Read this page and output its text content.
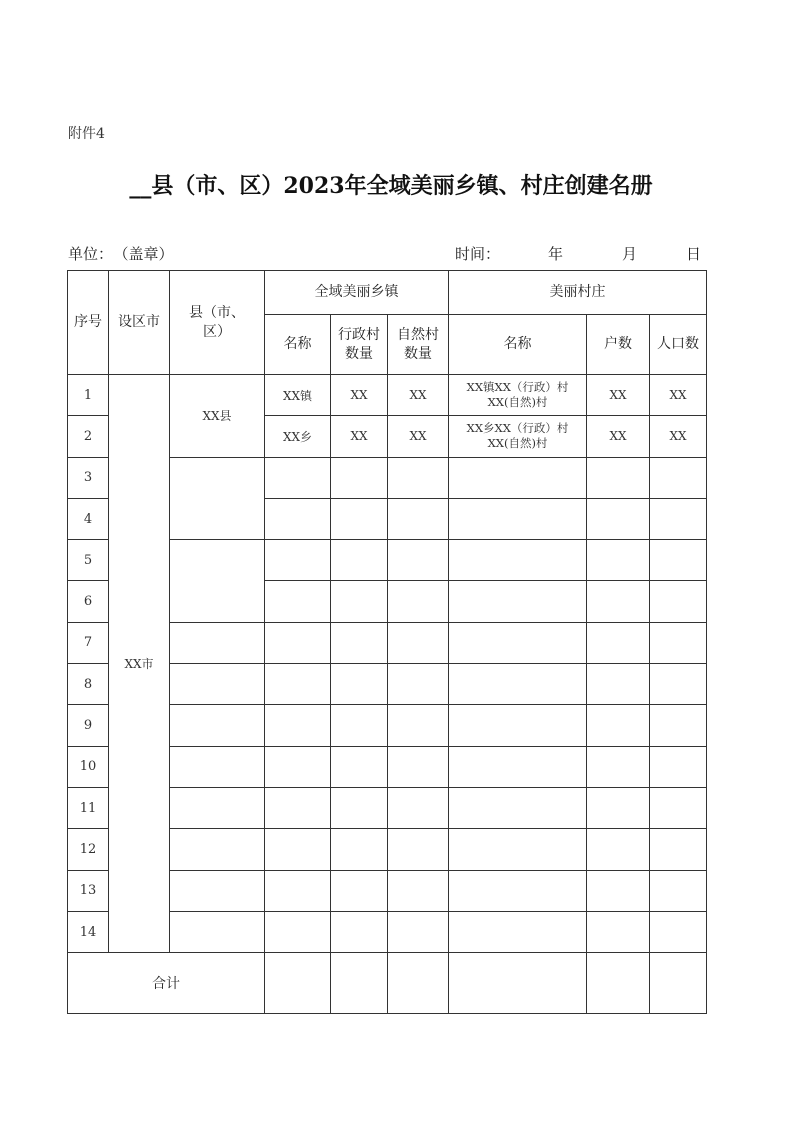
附件4
__县（市、区）2023年全域美丽乡镇、村庄创建名册
单位： （盖章）	时间：	年	月	日
序号	设区市	县（市、区）	全域美丽乡镇			美丽村庄		
			名称	行政村数量	自然村数量	名称	户数	人口数
1	XX市	XX县	XX镇	XX	XX	XX镇XX（行政）村
XX(自然)村	XX	XX
2			XX乡	XX	XX	XX乡XX（行政）村
XX(自然)村	XX	XX
3								
4								
5								
6								
7								
8								
9								
10								
11								
12								
13								
14								
合计								
